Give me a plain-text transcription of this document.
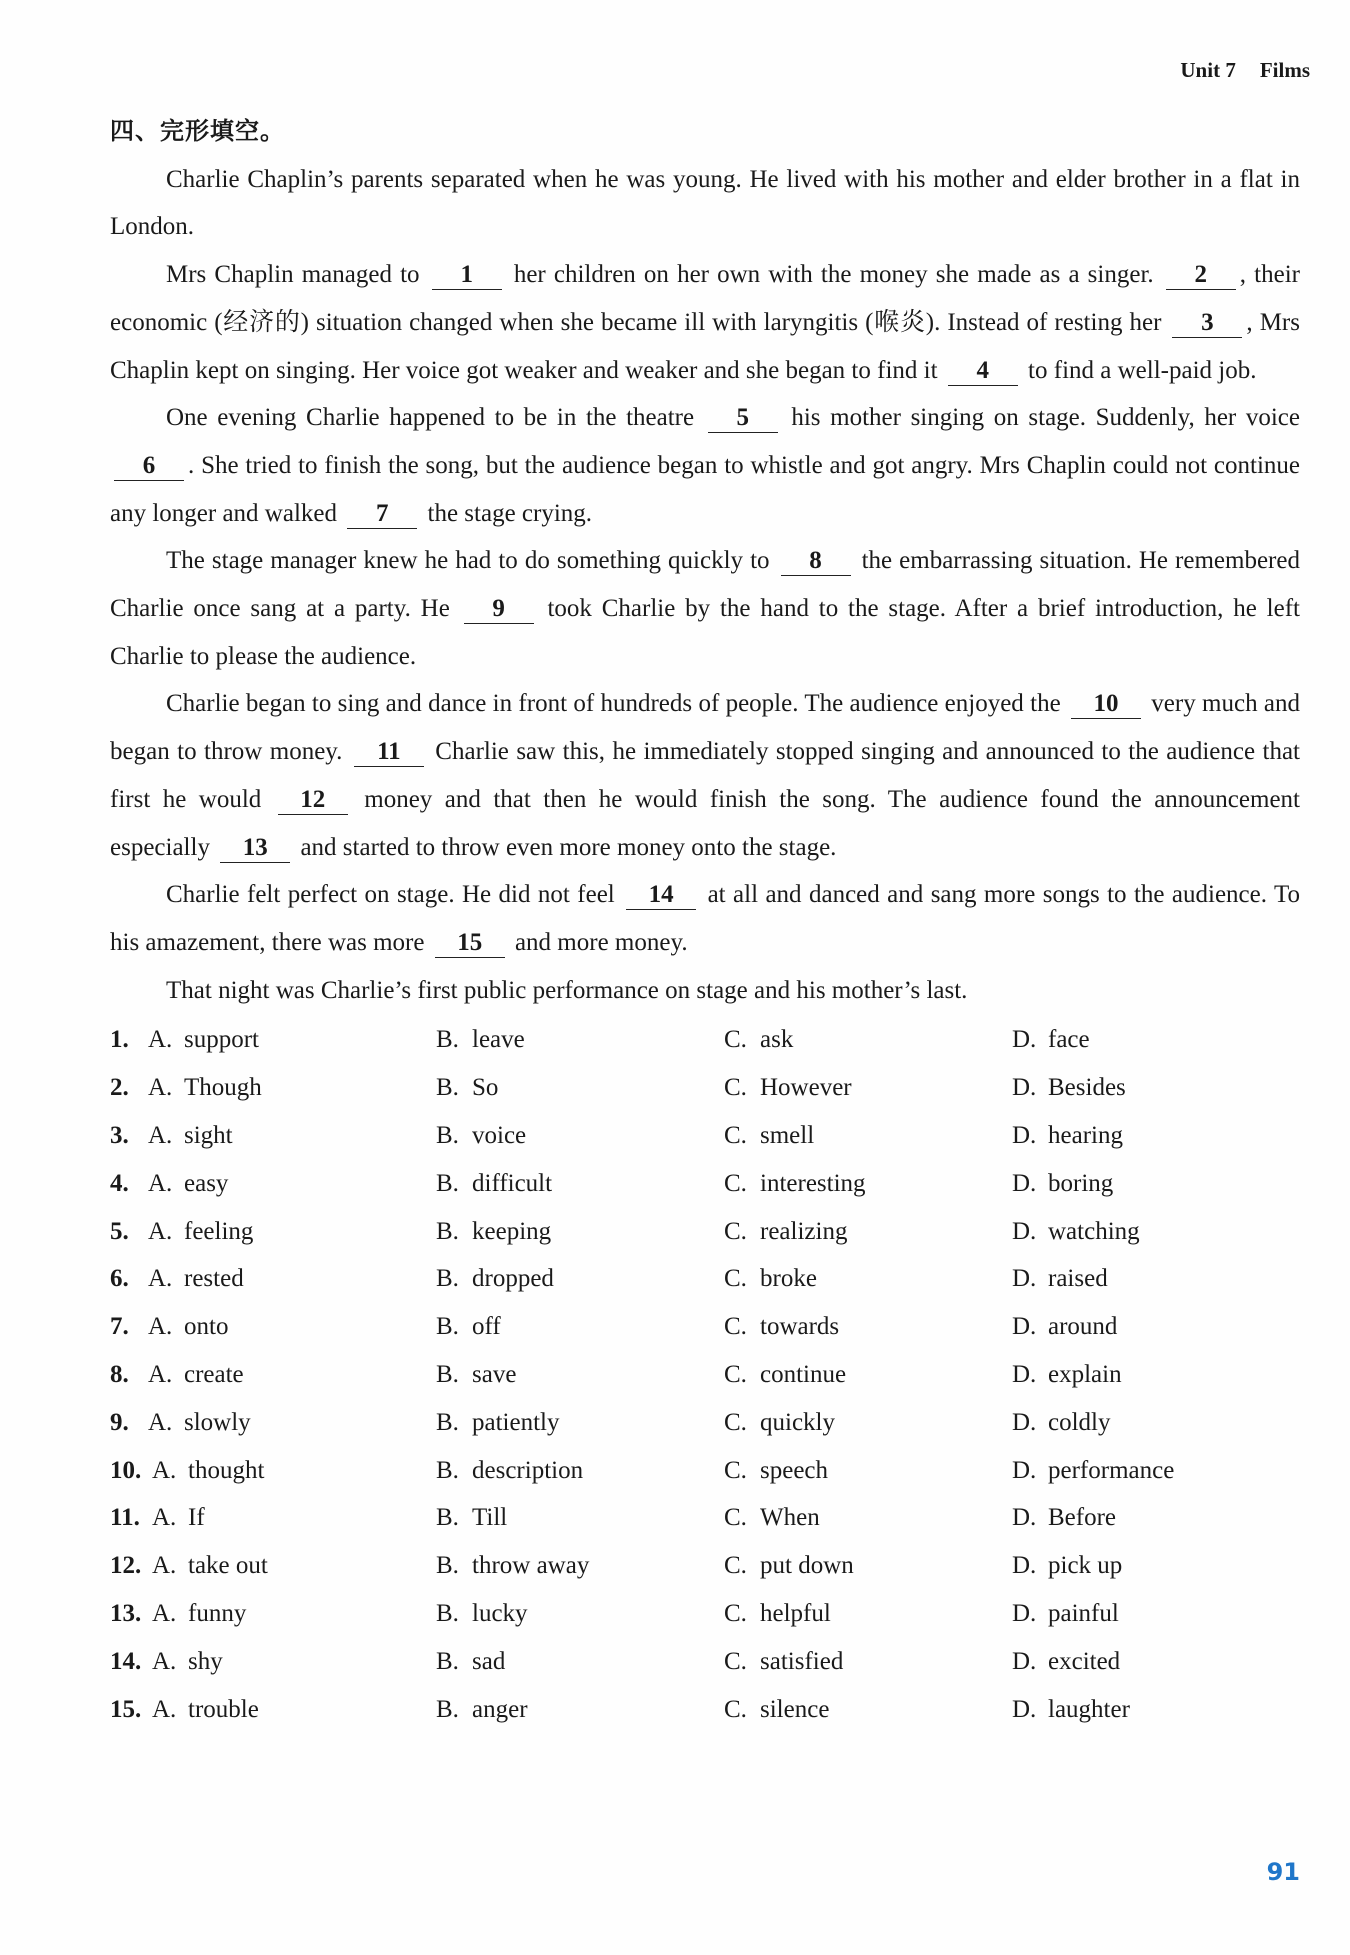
Unit 7 Films
四、完形填空。

Charlie Chaplin’s parents separated when he was young. He lived with his mother and elder brother in a flat in London.

Mrs Chaplin managed to 1 her children on her own with the money she made as a singer. 2 , their economic (经济的) situation changed when she became ill with laryngitis (喉炎). Instead of resting her 3 , Mrs Chaplin kept on singing. Her voice got weaker and weaker and she began to find it 4 to find a well-paid job.

One evening Charlie happened to be in the theatre 5 his mother singing on stage. Suddenly, her voice 6 . She tried to finish the song, but the audience began to whistle and got angry. Mrs Chaplin could not continue any longer and walked 7 the stage crying.

The stage manager knew he had to do something quickly to 8 the embarrassing situation. He remembered Charlie once sang at a party. He 9 took Charlie by the hand to the stage. After a brief introduction, he left Charlie to please the audience.

Charlie began to sing and dance in front of hundreds of people. The audience enjoyed the 10 very much and began to throw money. 11 Charlie saw this, he immediately stopped singing and announced to the audience that first he would 12 money and that then he would finish the song. The audience found the announcement especially 13 and started to throw even more money onto the stage.

Charlie felt perfect on stage. He did not feel 14 at all and danced and sang more songs to the audience. To his amazement, there was more 15 and more money.

That night was Charlie’s first public performance on stage and his mother’s last.

1. A. support	B. leave	C. ask	D. face
2. A. Though	B. So	C. However	D. Besides
3. A. sight	B. voice	C. smell	D. hearing
4. A. easy	B. difficult	C. interesting	D. boring
5. A. feeling	B. keeping	C. realizing	D. watching
6. A. rested	B. dropped	C. broke	D. raised
7. A. onto	B. off	C. towards	D. around
8. A. create	B. save	C. continue	D. explain
9. A. slowly	B. patiently	C. quickly	D. coldly
10. A. thought	B. description	C. speech	D. performance
11. A. If	B. Till	C. When	D. Before
12. A. take out	B. throw away	C. put down	D. pick up
13. A. funny	B. lucky	C. helpful	D. painful
14. A. shy	B. sad	C. satisfied	D. excited
15. A. trouble	B. anger	C. silence	D. laughter
91
